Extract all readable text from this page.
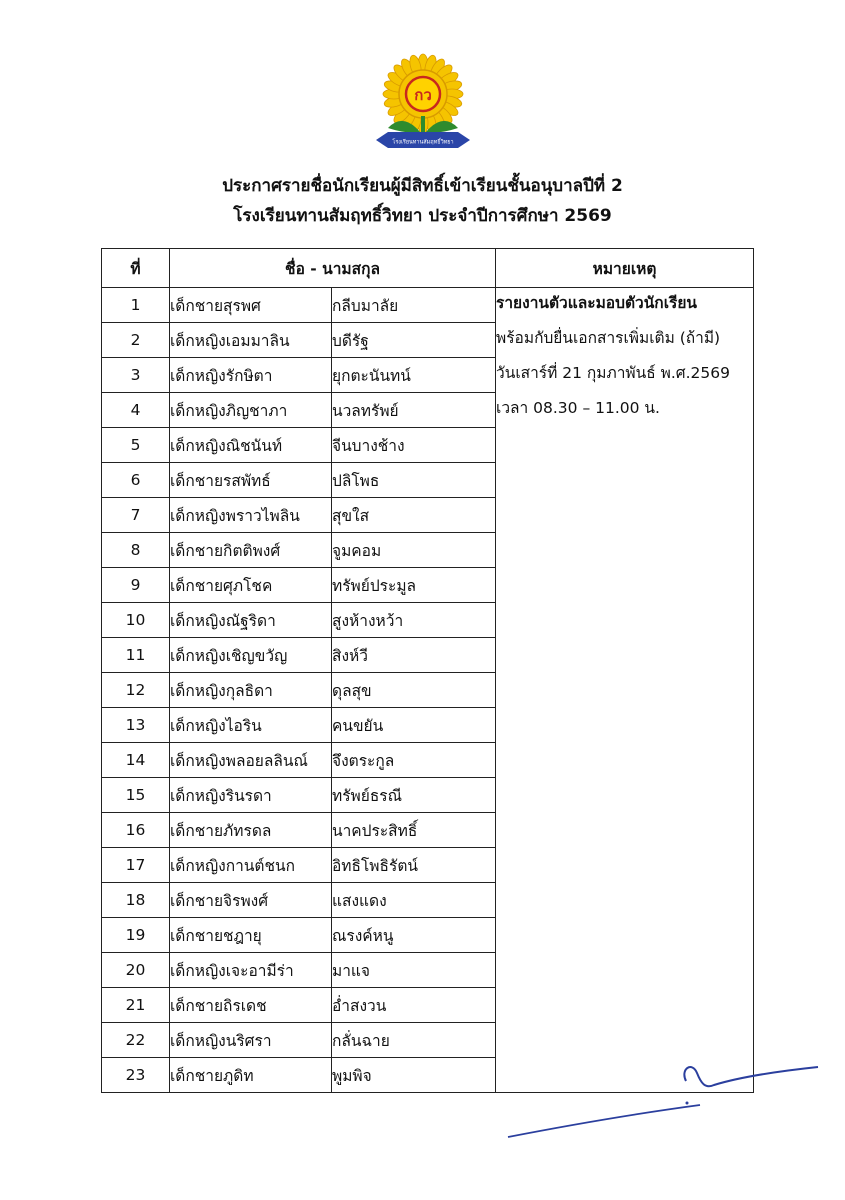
กว
โรงเรียนทานสัมฤทธิ์วิทยา
ประกาศรายชื่อนักเรียนผู้มีสิทธิ์เข้าเรียนชั้นอนุบาลปีที่ 2
โรงเรียนทานสัมฤทธิ์วิทยา ประจำปีการศึกษา 2569
ที่	ชื่อ - นามสกุล		หมายเหตุ
1	เด็กชายสุรพศ	กลีบมาลัย	รายงานตัวและมอบตัวนักเรียน
พร้อมกับยื่นเอกสารเพิ่มเติม (ถ้ามี)
วันเสาร์ที่ 21 กุมภาพันธ์ พ.ศ.2569
เวลา 08.30 – 11.00 น.

2	เด็กหญิงเอมมาลิน	บดีรัฐ	
3	เด็กหญิงรักษิตา	ยุกตะนันทน์	
4	เด็กหญิงภิญชาภา	นวลทรัพย์	
5	เด็กหญิงณิชนันท์	จีนบางช้าง	
6	เด็กชายรสพัทธ์	ปลิโพธ	
7	เด็กหญิงพราวไพลิน	สุขใส	
8	เด็กชายกิตติพงศ์	จูมคอม	
9	เด็กชายศุภโชค	ทรัพย์ประมูล	
10	เด็กหญิงณัฐริดา	สูงห้างหว้า	
11	เด็กหญิงเชิญขวัญ	สิงห์วี	
12	เด็กหญิงกุลธิดา	ดุลสุข	
13	เด็กหญิงไอริน	คนขยัน	
14	เด็กหญิงพลอยลลินณ์	จึงตระกูล	
15	เด็กหญิงรินรดา	ทรัพย์ธรณี	
16	เด็กชายภัทรดล	นาคประสิทธิ์	
17	เด็กหญิงกานต์ชนก	อิทธิโพธิรัตน์	
18	เด็กชายจิรพงศ์	แสงแดง	
19	เด็กชายชฎายุ	ณรงค์หนู	
20	เด็กหญิงเจะอามีร่า	มาแจ	
21	เด็กชายถิรเดช	อ่ำสงวน	
22	เด็กหญิงนริศรา	กลั่นฉาย	
23	เด็กชายภูดิท	พูมพิจ	
